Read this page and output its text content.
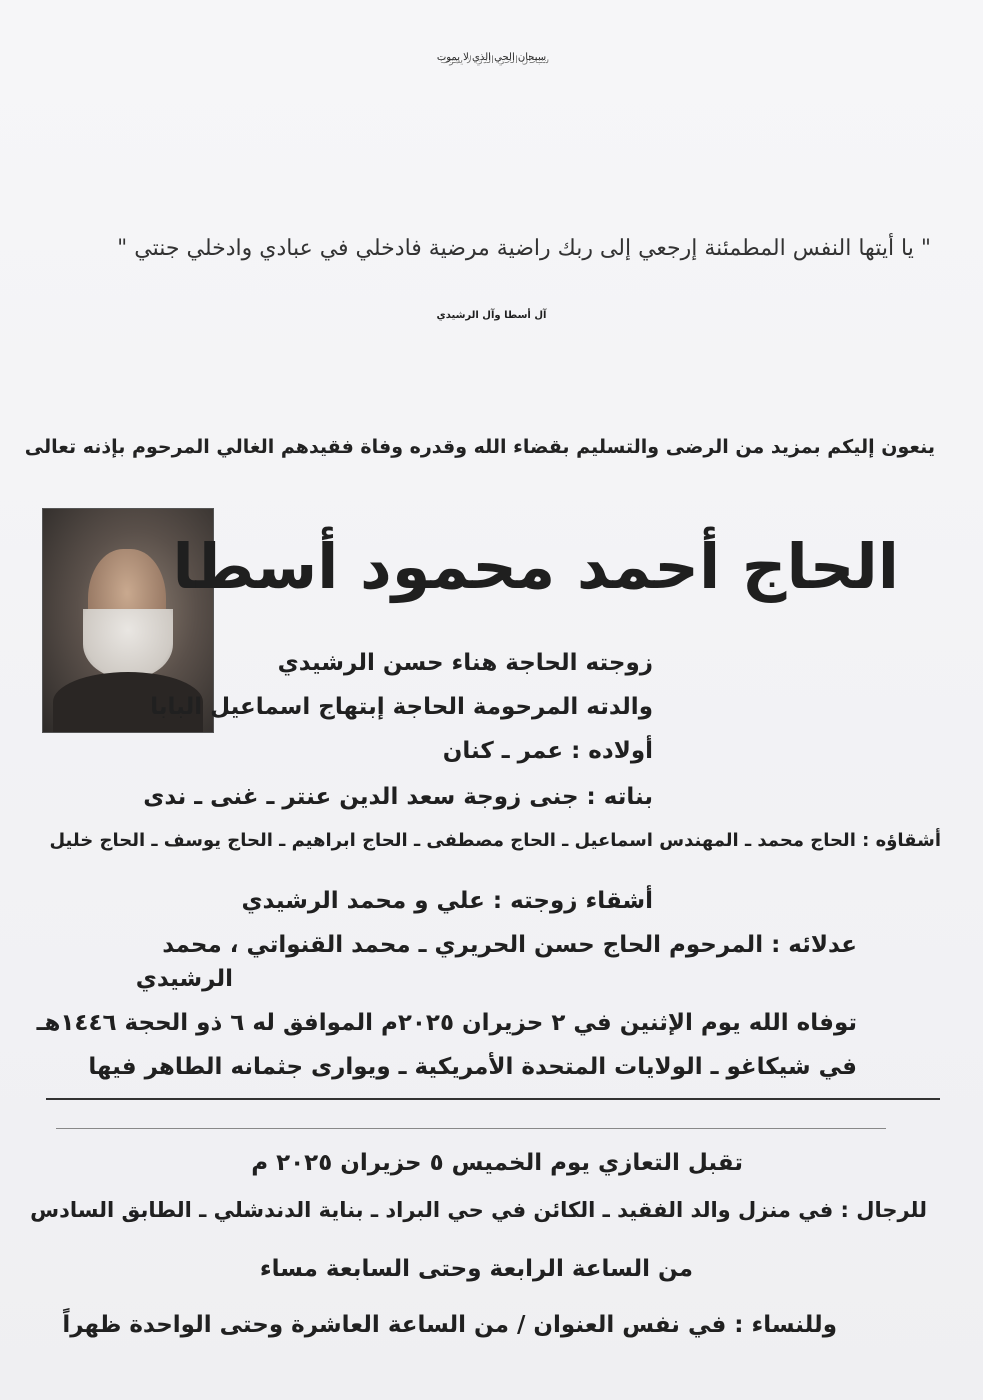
سبحان الحي الذي لا يموت
" يا أيتها النفس المطمئنة إرجعي إلى ربك راضية مرضية فادخلي في عبادي وادخلي جنتي "
آل أسطا وآل الرشيدي
ينعون إليكم بمزيد من الرضى والتسليم بقضاء الله وقدره وفاة فقيدهم الغالي المرحوم بإذنه تعالى
الحاج أحمد محمود أسطا
زوجته الحاجة هناء حسن الرشيدي
والدته المرحومة الحاجة إبتهاج اسماعيل البابا
أولاده : عمر ـ كنان
بناته : جنى زوجة سعد الدين عنتر ـ غنى ـ ندى
أشقاؤه : الحاج محمد ـ المهندس اسماعيل ـ الحاج مصطفى ـ الحاج ابراهيم ـ الحاج يوسف ـ الحاج خليل
أشقاء زوجته : علي و محمد الرشيدي
عدلائه : المرحوم الحاج حسن الحريري ـ محمد القنواتي ، محمد
الرشيدي
توفاه الله يوم الإثنين في ٢ حزيران ٢٠٢٥م الموافق له ٦ ذو الحجة ١٤٤٦هـ
في شيكاغو ـ الولايات المتحدة الأمريكية ـ ويوارى جثمانه الطاهر فيها
تقبل التعازي يوم الخميس ٥ حزيران ٢٠٢٥ م
للرجال : في منزل والد الفقيد ـ الكائن في حي البراد ـ بناية الدندشلي ـ الطابق السادس
من الساعة الرابعة وحتى السابعة مساء
وللنساء : في نفس العنوان / من الساعة العاشرة وحتى الواحدة ظهراً
